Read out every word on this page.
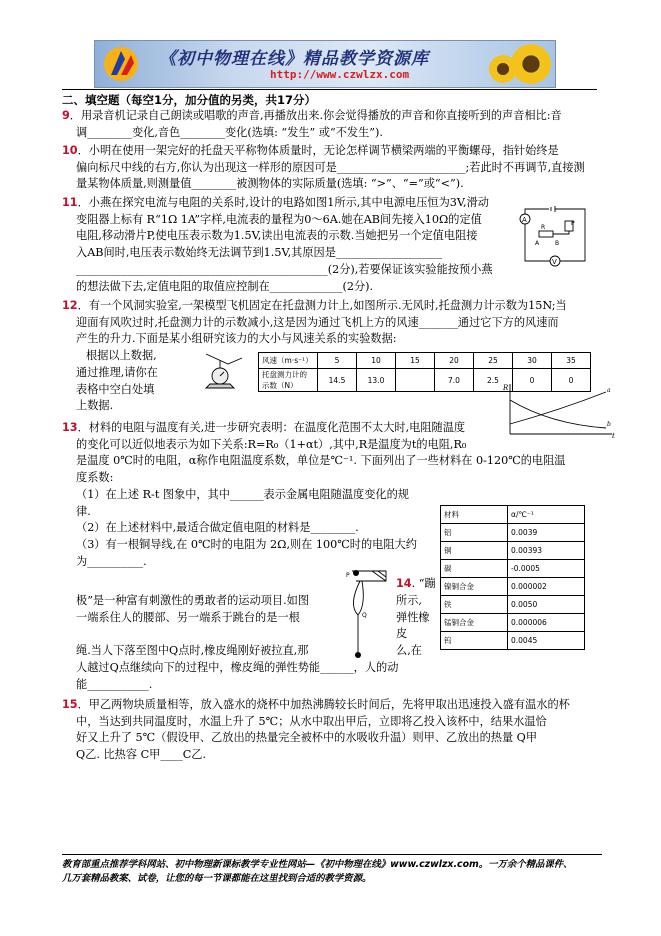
《初中物理在线》精品教学资源库
http://www.czwlzx.com
二、填空题（每空1分，加分值的另类，共17分）
9．用录音机记录自己朗读或唱歌的声音,再播放出来.你会觉得播放的声音和你直接听到的声音相比:音
调________变化,音色________变化(选填: “发生” 或“不发生”).
10．小明在使用一架完好的托盘天平称物体质量时，无论怎样调节横梁两端的平衡螺母，指针始终是
偏向标尺中线的右方,你认为出现这一样形的原因可是_______________________;若此时不再调节,直接测
量某物体质量,则测量值________被测物体的实际质量(选填: “>”、“=”或“<”).
11．小燕在探究电流与电阻的关系时,设计的电路如图1所示,其中电源电压恒为3V,滑动
变阻器上标有 R“1Ω 1A”字样,电流表的量程为0～6A.她在AB间先接入10Ω的定值
电阻,移动滑片P,使电压表示数为1.5V,读出电流表的示数.当她把另一个定值电阻接
入AB间时,电压表示数始终无法调节到1.5V,其原因是___________________
_____________________________________________(2分),若要保证该实验能按预小燕
的想法做下去,定值电阻的取值应控制在_____________(2分).
A
V
R
P
A	B
12．有一个风洞实验室,一架模型飞机固定在托盘测力计上,如图所示.无风时,托盘测力计示数为15N;当
迎面有风吹过时,托盘测力计的示数减小,这是因为通过飞机上方的风速_______通过它下方的风速而
产生的升力.下面是某小组研究该力的大小与风速关系的实验数据:
根据以上数据,
通过推理,请你在
表格中空白处填
上数据.
风速（m·s⁻¹）	5	10	15	20	25	30	35
托盘测力计的示数（N）	14.5	13.0		7.0	2.5	0	0
R
t
a
b
13．材料的电阻与温度有关,进一步研究表明：在温度化范围不太大时,电阻随温度
的变化可以近似地表示为如下关系:R=R₀（1+αt）,其中,R是温度为t的电阻,R₀
是温度 0℃时的电阻，α称作电阻温度系数，单位是℃⁻¹. 下面列出了一些材料在 0-120℃的电阻温
度系数:
（1）在上述 R-t 图象中，其中______表示金属电阻随温度变化的规
律.
（2）在上述材料中,最适合做定值电阻的材料是________.
（3）有一根铜导线,在 0℃时的电阻为 2Ω,则在 100℃时的电阻大约
为__________.
材料	α/℃⁻¹
铝	0.0039
铜	0.00393
碳	-0.0005
镍铜合金	0.000002
铁	0.0050
锰铜合金	0.000006
钨	0.0045
P
Q
14. “蹦
极”是一种富有刺激性的勇敢者的运动项目.如图
一端系住人的腰部、另一端系于跳台的是一根
绳.当人下落至图中Q点时,橡皮绳刚好被拉直,那
所示,
弹性橡
皮
么,在
人越过Q点继续向下的过程中，橡皮绳的弹性势能______，人的动
能___________.
15．甲乙两物块质量相等，放入盛水的烧杯中加热沸腾较长时间后，先将甲取出迅速投入盛有温水的杯
中，当达到共同温度时，水温上升了 5℃；从水中取出甲后，立即将乙投入该杯中，结果水温恰
好又上升了 5℃（假设甲、乙放出的热量完全被杯中的水吸收升温）则甲、乙放出的热量 Q甲
Q乙. 比热容 C甲____C乙.
教育部重点推荐学科网站、初中物理新课标教学专业性网站—《初中物理在线》www.czwlzx.com。一万余个精品课件、
几万套精品教案、试卷，让您的每一节课都能在这里找到合适的教学资源。
